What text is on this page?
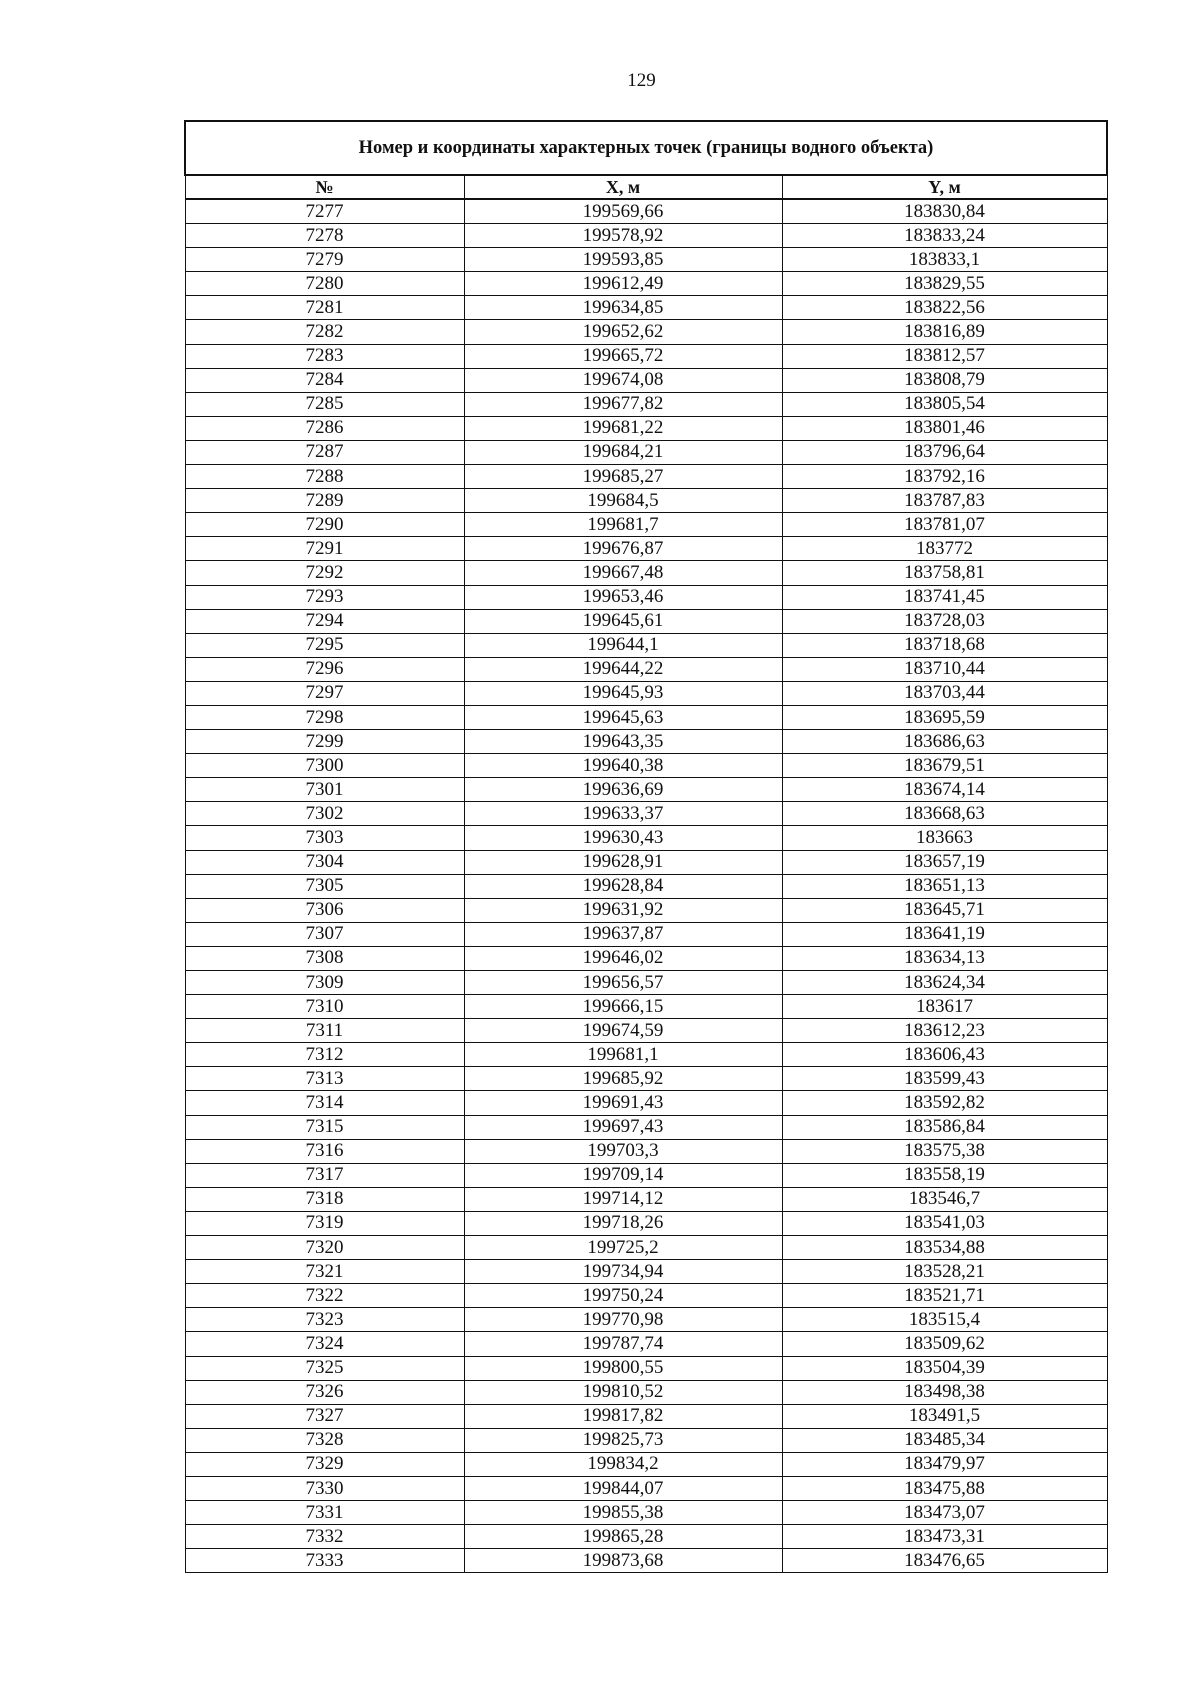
129
Номер и координаты характерных точек (границы водного объекта)		
№	X, м	Y, м
7277	199569,66	183830,84
7278	199578,92	183833,24
7279	199593,85	183833,1
7280	199612,49	183829,55
7281	199634,85	183822,56
7282	199652,62	183816,89
7283	199665,72	183812,57
7284	199674,08	183808,79
7285	199677,82	183805,54
7286	199681,22	183801,46
7287	199684,21	183796,64
7288	199685,27	183792,16
7289	199684,5	183787,83
7290	199681,7	183781,07
7291	199676,87	183772
7292	199667,48	183758,81
7293	199653,46	183741,45
7294	199645,61	183728,03
7295	199644,1	183718,68
7296	199644,22	183710,44
7297	199645,93	183703,44
7298	199645,63	183695,59
7299	199643,35	183686,63
7300	199640,38	183679,51
7301	199636,69	183674,14
7302	199633,37	183668,63
7303	199630,43	183663
7304	199628,91	183657,19
7305	199628,84	183651,13
7306	199631,92	183645,71
7307	199637,87	183641,19
7308	199646,02	183634,13
7309	199656,57	183624,34
7310	199666,15	183617
7311	199674,59	183612,23
7312	199681,1	183606,43
7313	199685,92	183599,43
7314	199691,43	183592,82
7315	199697,43	183586,84
7316	199703,3	183575,38
7317	199709,14	183558,19
7318	199714,12	183546,7
7319	199718,26	183541,03
7320	199725,2	183534,88
7321	199734,94	183528,21
7322	199750,24	183521,71
7323	199770,98	183515,4
7324	199787,74	183509,62
7325	199800,55	183504,39
7326	199810,52	183498,38
7327	199817,82	183491,5
7328	199825,73	183485,34
7329	199834,2	183479,97
7330	199844,07	183475,88
7331	199855,38	183473,07
7332	199865,28	183473,31
7333	199873,68	183476,65
